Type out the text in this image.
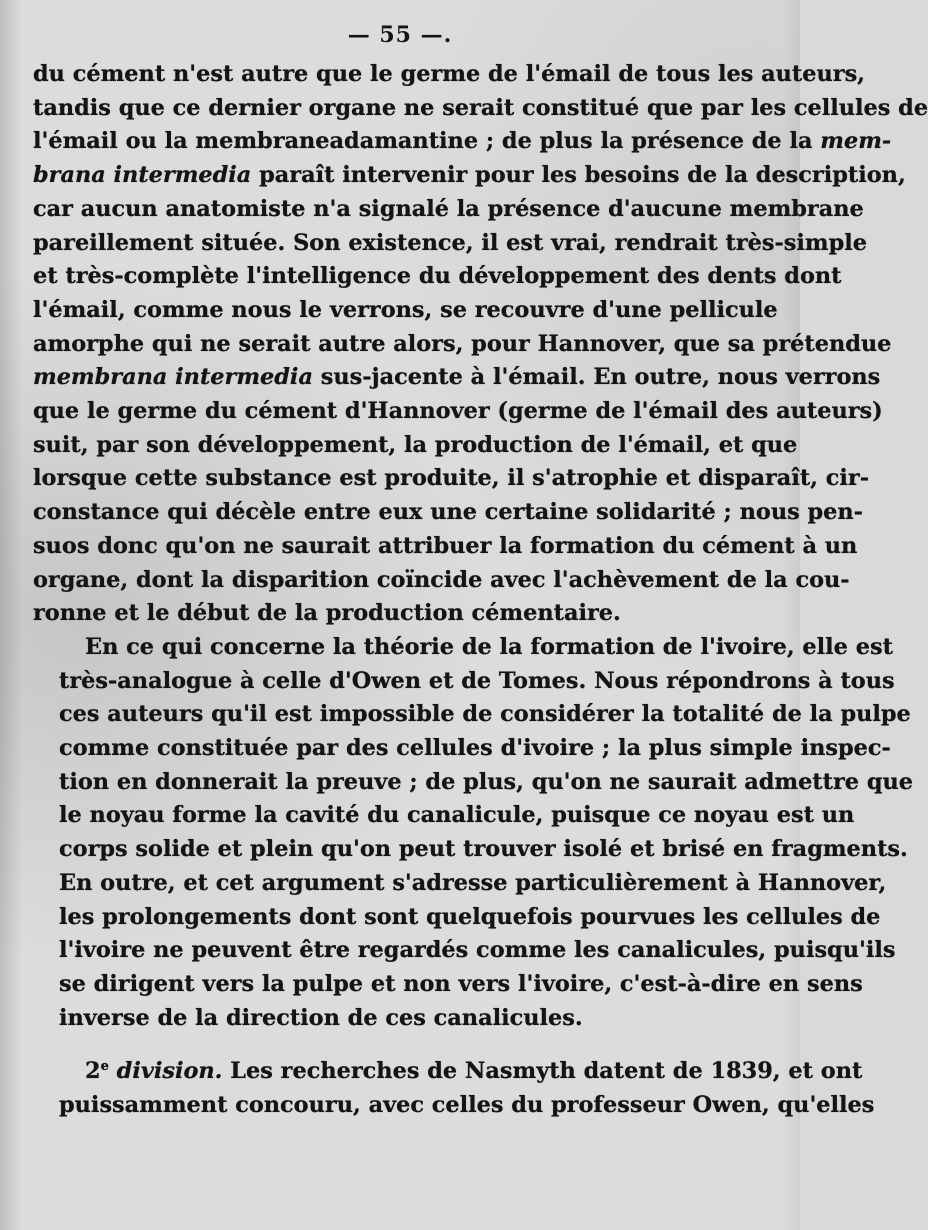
— 55 —.
du cément n'est autre que le germe de l'émail de tous les auteurs,
tandis que ce dernier organe ne serait constitué que par les cellules de
l'émail ou la membraneadamantine ; de plus la présence de la mem-
brana intermedia paraît intervenir pour les besoins de la description,
car aucun anatomiste n'a signalé la présence d'aucune membrane
pareillement située. Son existence, il est vrai, rendrait très-simple
et très-complète l'intelligence du développement des dents dont
l'émail, comme nous le verrons, se recouvre d'une pellicule
amorphe qui ne serait autre alors, pour Hannover, que sa prétendue
membrana intermedia sus-jacente à l'émail. En outre, nous verrons
que le germe du cément d'Hannover (germe de l'émail des auteurs)
suit, par son développement, la production de l'émail, et que
lorsque cette substance est produite, il s'atrophie et disparaît, cir-
constance qui décèle entre eux une certaine solidarité ; nous pen-
suos donc qu'on ne saurait attribuer la formation du cément à un
organe, dont la disparition coïncide avec l'achèvement de la cou-
ronne et le début de la production cémentaire.
En ce qui concerne la théorie de la formation de l'ivoire, elle est
très-analogue à celle d'Owen et de Tomes. Nous répondrons à tous
ces auteurs qu'il est impossible de considérer la totalité de la pulpe
comme constituée par des cellules d'ivoire ; la plus simple inspec-
tion en donnerait la preuve ; de plus, qu'on ne saurait admettre que
le noyau forme la cavité du canalicule, puisque ce noyau est un
corps solide et plein qu'on peut trouver isolé et brisé en fragments.
En outre, et cet argument s'adresse particulièrement à Hannover,
les prolongements dont sont quelquefois pourvues les cellules de
l'ivoire ne peuvent être regardés comme les canalicules, puisqu'ils
se dirigent vers la pulpe et non vers l'ivoire, c'est-à-dire en sens
inverse de la direction de ces canalicules.
2e division. Les recherches de Nasmyth datent de 1839, et ont
puissamment concouru, avec celles du professeur Owen, qu'elles
